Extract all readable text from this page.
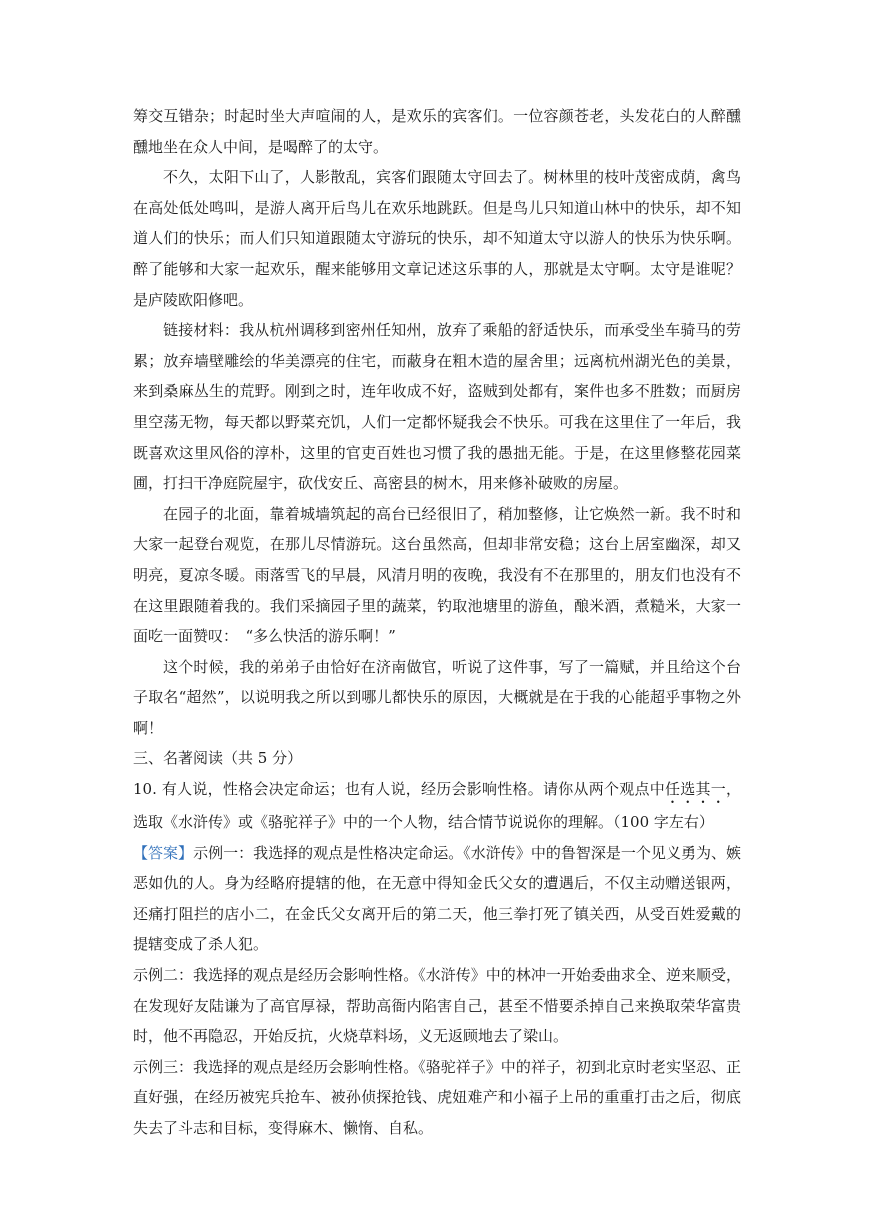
筹交互错杂；时起时坐大声喧闹的人，是欢乐的宾客们。一位容颜苍老，头发花白的人醉醺醺地坐在众人中间，是喝醉了的太守。

不久，太阳下山了，人影散乱，宾客们跟随太守回去了。树林里的枝叶茂密成荫，禽鸟在高处低处鸣叫，是游人离开后鸟儿在欢乐地跳跃。但是鸟儿只知道山林中的快乐，却不知道人们的快乐；而人们只知道跟随太守游玩的快乐，却不知道太守以游人的快乐为快乐啊。醉了能够和大家一起欢乐，醒来能够用文章记述这乐事的人，那就是太守啊。太守是谁呢？是庐陵欧阳修吧。

链接材料：我从杭州调移到密州任知州，放弃了乘船的舒适快乐，而承受坐车骑马的劳累；放弃墙壁雕绘的华美漂亮的住宅，而蔽身在粗木造的屋舍里；远离杭州湖光色的美景，来到桑麻丛生的荒野。刚到之时，连年收成不好，盗贼到处都有，案件也多不胜数；而厨房里空荡无物，每天都以野菜充饥，人们一定都怀疑我会不快乐。可我在这里住了一年后，我既喜欢这里风俗的淳朴，这里的官吏百姓也习惯了我的愚拙无能。于是，在这里修整花园菜圃，打扫干净庭院屋宇，砍伐安丘、高密县的树木，用来修补破败的房屋。

在园子的北面，靠着城墙筑起的高台已经很旧了，稍加整修，让它焕然一新。我不时和大家一起登台观览，在那儿尽情游玩。这台虽然高，但却非常安稳；这台上居室幽深，却又明亮，夏凉冬暖。雨落雪飞的早晨，风清月明的夜晚，我没有不在那里的，朋友们也没有不在这里跟随着我的。我们采摘园子里的蔬菜，钓取池塘里的游鱼，酿米酒，煮糙米，大家一面吃一面赞叹：　“多么快活的游乐啊！”

这个时候，我的弟弟子由恰好在济南做官，听说了这件事，写了一篇赋，并且给这个台子取名“超然”，以说明我之所以到哪儿都快乐的原因，大概就是在于我的心能超乎事物之外啊！

三、名著阅读（共 5 分）

10. 有人说，性格会决定命运；也有人说，经历会影响性格。请你从两个观点中任选其一，选取《水浒传》或《骆驼祥子》中的一个人物，结合情节说说你的理解。（100 字左右）

【答案】示例一：我选择的观点是性格决定命运。《水浒传》中的鲁智深是一个见义勇为、嫉恶如仇的人。身为经略府提辖的他，在无意中得知金氏父女的遭遇后，不仅主动赠送银两，还痛打阻拦的店小二，在金氏父女离开后的第二天，他三拳打死了镇关西，从受百姓爱戴的提辖变成了杀人犯。

示例二：我选择的观点是经历会影响性格。《水浒传》中的林冲一开始委曲求全、逆来顺受，在发现好友陆谦为了高官厚禄，帮助高衙内陷害自己，甚至不惜要杀掉自己来换取荣华富贵时，他不再隐忍，开始反抗，火烧草料场，义无返顾地去了梁山。

示例三：我选择的观点是经历会影响性格。《骆驼祥子》中的祥子，初到北京时老实坚忍、正直好强，在经历被宪兵抢车、被孙侦探抢钱、虎妞难产和小福子上吊的重重打击之后，彻底失去了斗志和目标，变得麻木、懒惰、自私。
